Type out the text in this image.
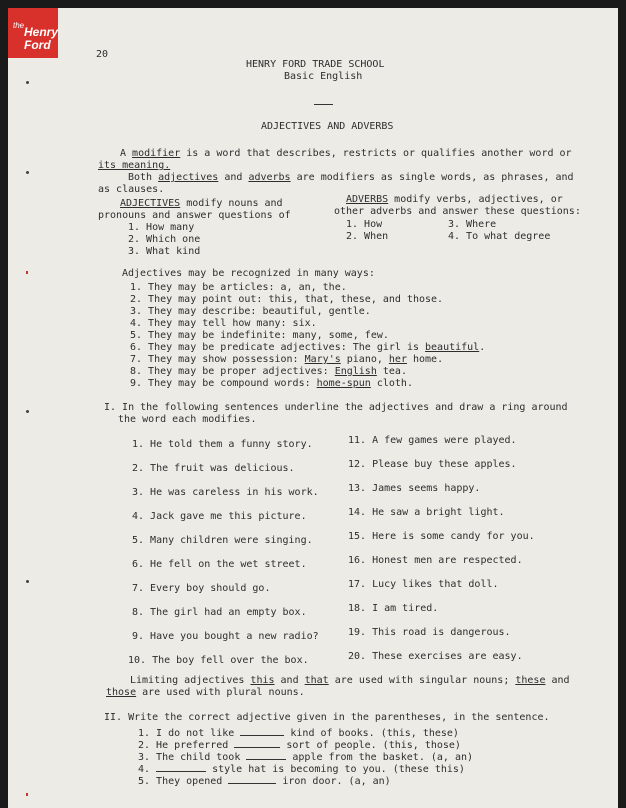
the Henry
Ford
20
HENRY FORD TRADE SCHOOL
Basic English
ADJECTIVES AND ADVERBS
A modifier is a word that describes, restricts or qualifies another word or
its meaning.
Both adjectives and adverbs are modifiers as single words, as phrases, and
as clauses.
ADJECTIVES modify nouns and
pronouns and answer questions of
1. How many
2. Which one
3. What kind
ADVERBS modify verbs, adjectives, or
other adverbs and answer these questions:
1. How
2. When
3. Where
4. To what degree
Adjectives may be recognized in many ways:
1. They may be articles: a, an, the.
2. They may point out: this, that, these, and those.
3. They may describe: beautiful, gentle.
4. They may tell how many: six.
5. They may be indefinite: many, some, few.
6. They may be predicate adjectives: The girl is beautiful.
7. They may show possession: Mary's piano, her home.
8. They may be proper adjectives: English tea.
9. They may be compound words: home-spun cloth.
I. In the following sentences underline the adjectives and draw a ring around
the word each modifies.
1. He told them a funny story.
2. The fruit was delicious.
3. He was careless in his work.
4. Jack gave me this picture.
5. Many children were singing.
6. He fell on the wet street.
7. Every boy should go.
8. The girl had an empty box.
9. Have you bought a new radio?
10. The boy fell over the box.
11. A few games were played.
12. Please buy these apples.
13. James seems happy.
14. He saw a bright light.
15. Here is some candy for you.
16. Honest men are respected.
17. Lucy likes that doll.
18. I am tired.
19. This road is dangerous.
20. These exercises are easy.
Limiting adjectives this and that are used with singular nouns; these and
those are used with plural nouns.
II. Write the correct adjective given in the parentheses, in the sentence.
1. I do not like	kind of books. (this, these)
2. He preferred	sort of people. (this, those)
3. The child took	apple from the basket. (a, an)
4.	style hat is becoming to you. (these this)
5. They opened	iron door. (a, an)
